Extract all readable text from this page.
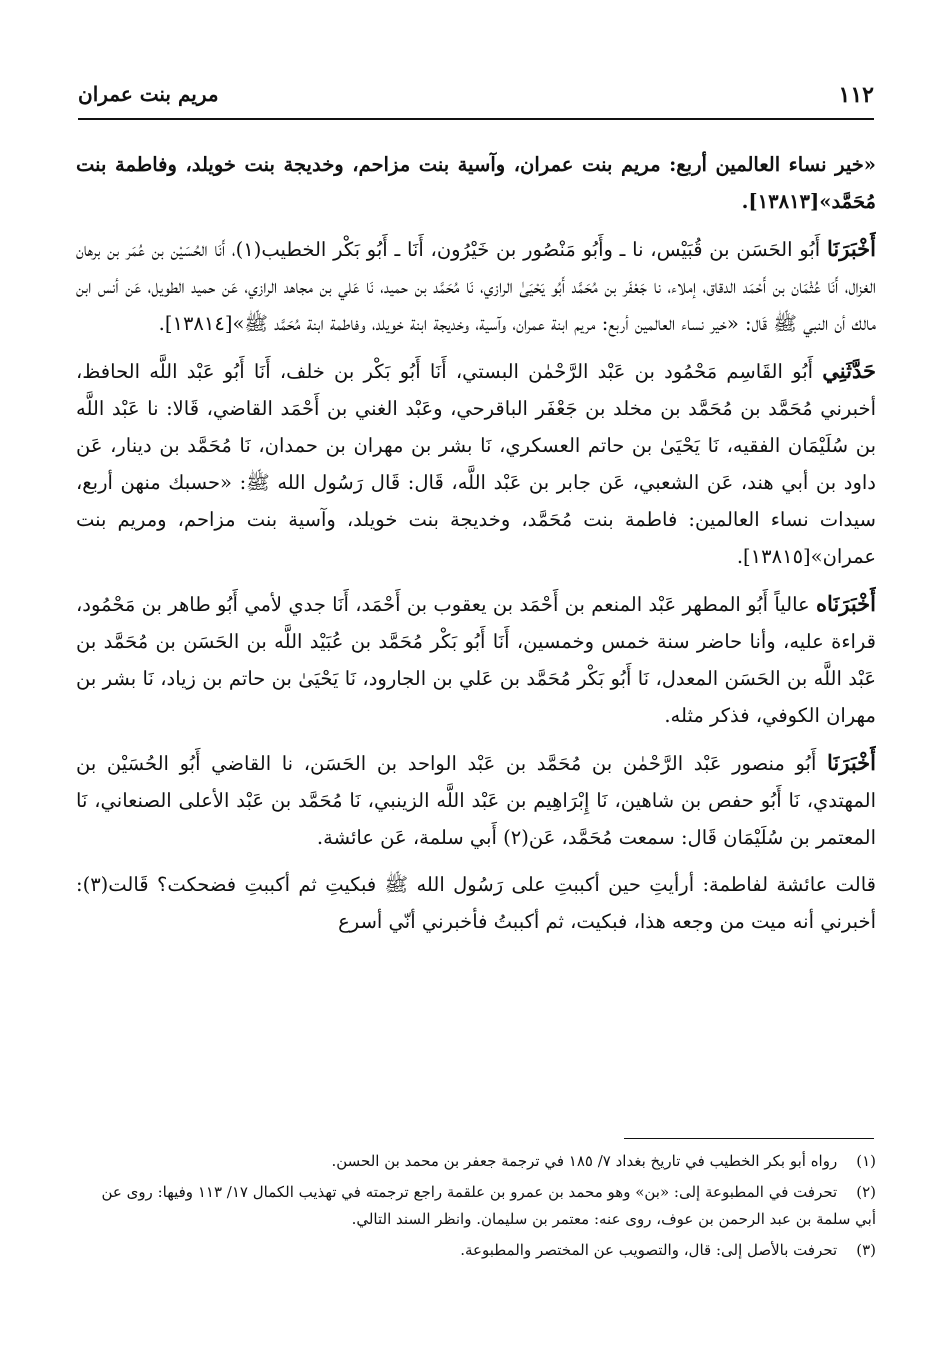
١١٢
مريم بنت عمران

«خير نساء العالمين أربع: مريم بنت عمران، وآسية بنت مزاحم، وخديجة بنت خويلد، وفاطمة بنت مُحَمَّد»[١٣٨١٣].

أَخْبَرَنَا أَبُو الحَسَن بن قُبَيْس، نا ـ وأَبُو مَنْصُور بن خَيْرُون، أَنَا ـ أَبُو بَكْر الخطيب(١)، أَنَا الحُسَيْن بن عُمَر بن برهان الغزال، أَنَا عُثْمَان بن أَحْمَد الدقاق، إملاء، نا جَعْفَر بن مُحَمَّد أَبُو يَحْيَىٰ الرازي، نَا مُحَمَّد بن حميد، نَا عَلي بن مجاهد الرازي، عَن حميد الطويل، عَن أنس ابن مالك أن النبي ﷺ قَال: «خير نساء العالمين أربع: مريم ابنة عمران، وآسية، وخديجة ابنة خويلد، وفاطمة ابنة مُحَمَّد ﷺ»[١٣٨١٤].

حَدَّثَنِي أَبُو القَاسِم مَحْمُود بن عَبْد الرَّحْمٰن البستي، أَنَا أَبُو بَكْر بن خلف، أَنَا أَبُو عَبْد اللَّه الحافظ، أخبرني مُحَمَّد بن مُحَمَّد بن مخلد بن جَعْفَر الباقرحي، وعَبْد الغني بن أَحْمَد القاضي، قَالا: نا عَبْد اللَّه بن سُلَيْمَان الفقيه، نَا يَحْيَىٰ بن حاتم العسكري، نَا بشر بن مهران بن حمدان، نَا مُحَمَّد بن دينار، عَن داود بن أبي هند، عَن الشعبي، عَن جابر بن عَبْد اللَّه، قَال: قَال رَسُول الله ﷺ: «حسبك منهن أربع، سيدات نساء العالمين: فاطمة بنت مُحَمَّد، وخديجة بنت خويلد، وآسية بنت مزاحم، ومريم بنت عمران»[١٣٨١٥].

أَخْبَرَنَاه عالياً أَبُو المطهر عَبْد المنعم بن أَحْمَد بن يعقوب بن أَحْمَد، أَنَا جدي لأمي أَبُو طاهر بن مَحْمُود، قراءة عليه، وأنا حاضر سنة خمس وخمسين، أَنَا أَبُو بَكْر مُحَمَّد بن عُبَيْد اللَّه بن الحَسَن بن مُحَمَّد بن عَبْد اللَّه بن الحَسَن المعدل، نَا أَبُو بَكْر مُحَمَّد بن عَلي بن الجارود، نَا يَحْيَىٰ بن حاتم بن زياد، نَا بشر بن مهران الكوفي، فذكر مثله.

أَخْبَرَنَا أَبُو منصور عَبْد الرَّحْمٰن بن مُحَمَّد بن عَبْد الواحد بن الحَسَن، نا القاضي أَبُو الحُسَيْن بن المهتدي، نَا أَبُو حفص بن شاهين، نَا إِبْرَاهِيم بن عَبْد اللَّه الزينبي، نَا مُحَمَّد بن عَبْد الأعلى الصنعاني، نَا المعتمر بن سُلَيْمَان قَال: سمعت مُحَمَّد، عَن(٢) أَبي سلمة، عَن عائشة.

قالت عائشة لفاطمة: أرأيتِ حين أكببتِ على رَسُول الله ﷺ فبكيتِ ثم أكببتِ فضحكت؟ قَالت(٣): أخبرني أنه ميت من وجعه هذا، فبكيت، ثم أكببتُ فأخبرني أنّي أسرع

(١) رواه أبو بكر الخطيب في تاريخ بغداد ٧/ ١٨٥ في ترجمة جعفر بن محمد بن الحسن.
(٢) تحرفت في المطبوعة إلى: «بن» وهو محمد بن عمرو بن علقمة راجع ترجمته في تهذيب الكمال ١٧/ ١١٣ وفيها: روى عن أبي سلمة بن عبد الرحمن بن عوف، روى عنه: معتمر بن سليمان. وانظر السند التالي.
(٣) تحرفت بالأصل إلى: قال، والتصويب عن المختصر والمطبوعة.
